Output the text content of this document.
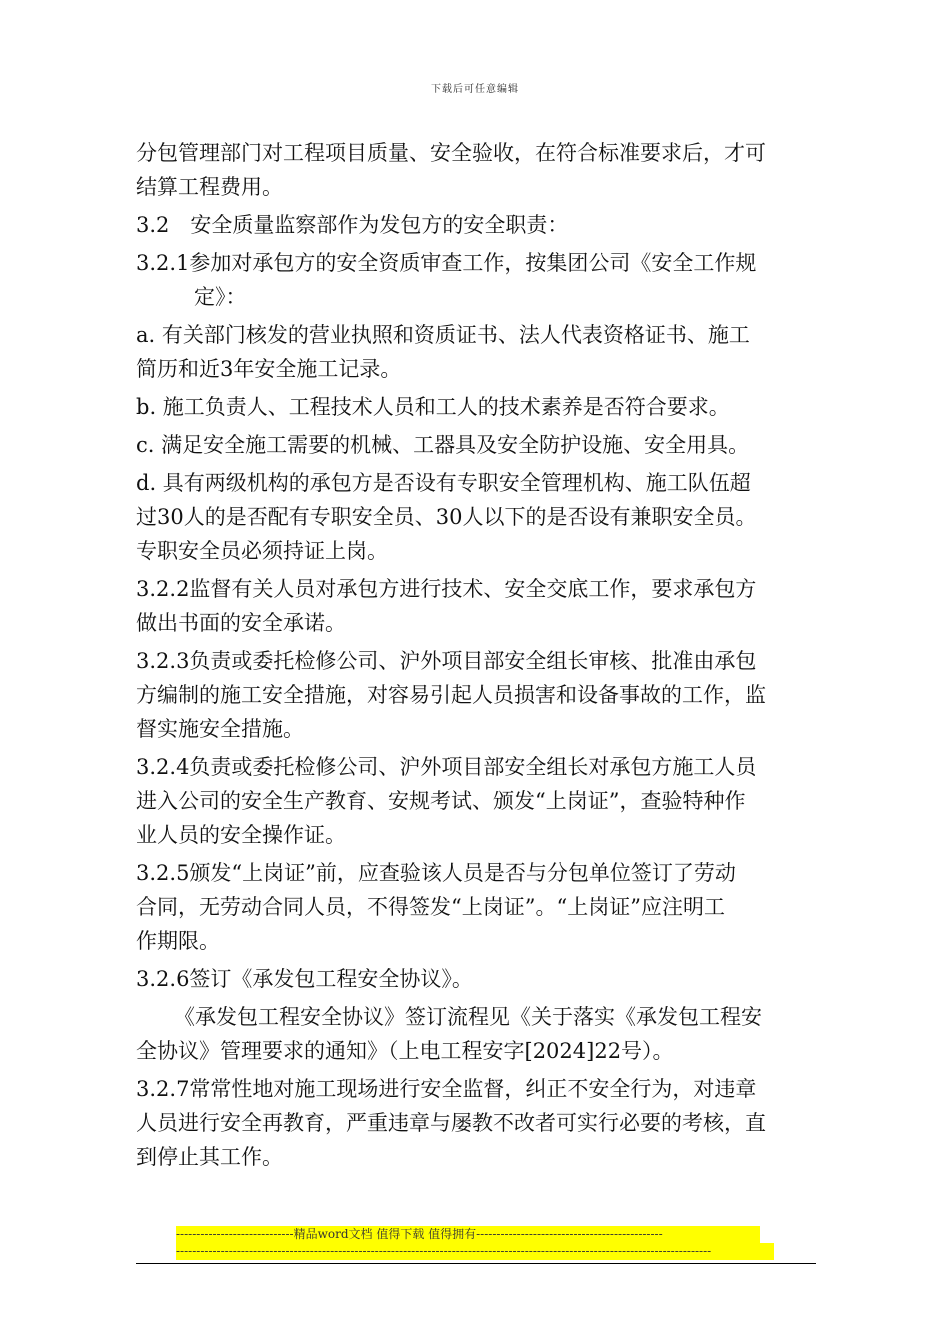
下载后可任意编辑
分包管理部门对工程项目质量、安全验收，在符合标准要求后，才可
结算工程费用。
3.2　安全质量监察部作为发包方的安全职责：
3.2.1参加对承包方的安全资质审查工作，按集团公司《安全工作规
定》：
a. 有关部门核发的营业执照和资质证书、法人代表资格证书、施工
简历和近3年安全施工记录。
b. 施工负责人、工程技术人员和工人的技术素养是否符合要求。
c. 满足安全施工需要的机械、工器具及安全防护设施、安全用具。
d. 具有两级机构的承包方是否设有专职安全管理机构、施工队伍超
过30人的是否配有专职安全员、30人以下的是否设有兼职安全员。
专职安全员必须持证上岗。
3.2.2监督有关人员对承包方进行技术、安全交底工作，要求承包方
做出书面的安全承诺。
3.2.3负责或委托检修公司、沪外项目部安全组长审核、批准由承包
方编制的施工安全措施，对容易引起人员损害和设备事故的工作，监
督实施安全措施。
3.2.4负责或委托检修公司、沪外项目部安全组长对承包方施工人员
进入公司的安全生产教育、安规考试、颁发“上岗证”，查验特种作
业人员的安全操作证。
3.2.5颁发“上岗证”前，应查验该人员是否与分包单位签订了劳动
合同，无劳动合同人员，不得签发“上岗证”。“上岗证”应注明工
作期限。
3.2.6签订《承发包工程安全协议》。
《承发包工程安全协议》签订流程见《关于落实《承发包工程安
全协议》管理要求的通知》（上电工程安字[2024]22号）。
3.2.7常常性地对施工现场进行安全监督，纠正不安全行为，对违章
人员进行安全再教育，严重违章与屡教不改者可实行必要的考核，直
到停止其工作。
-----------------------------精品word文档 值得下载 值得拥有----------------------------------------------
------------------------------------------------------------------------------------------------------------------------------------
